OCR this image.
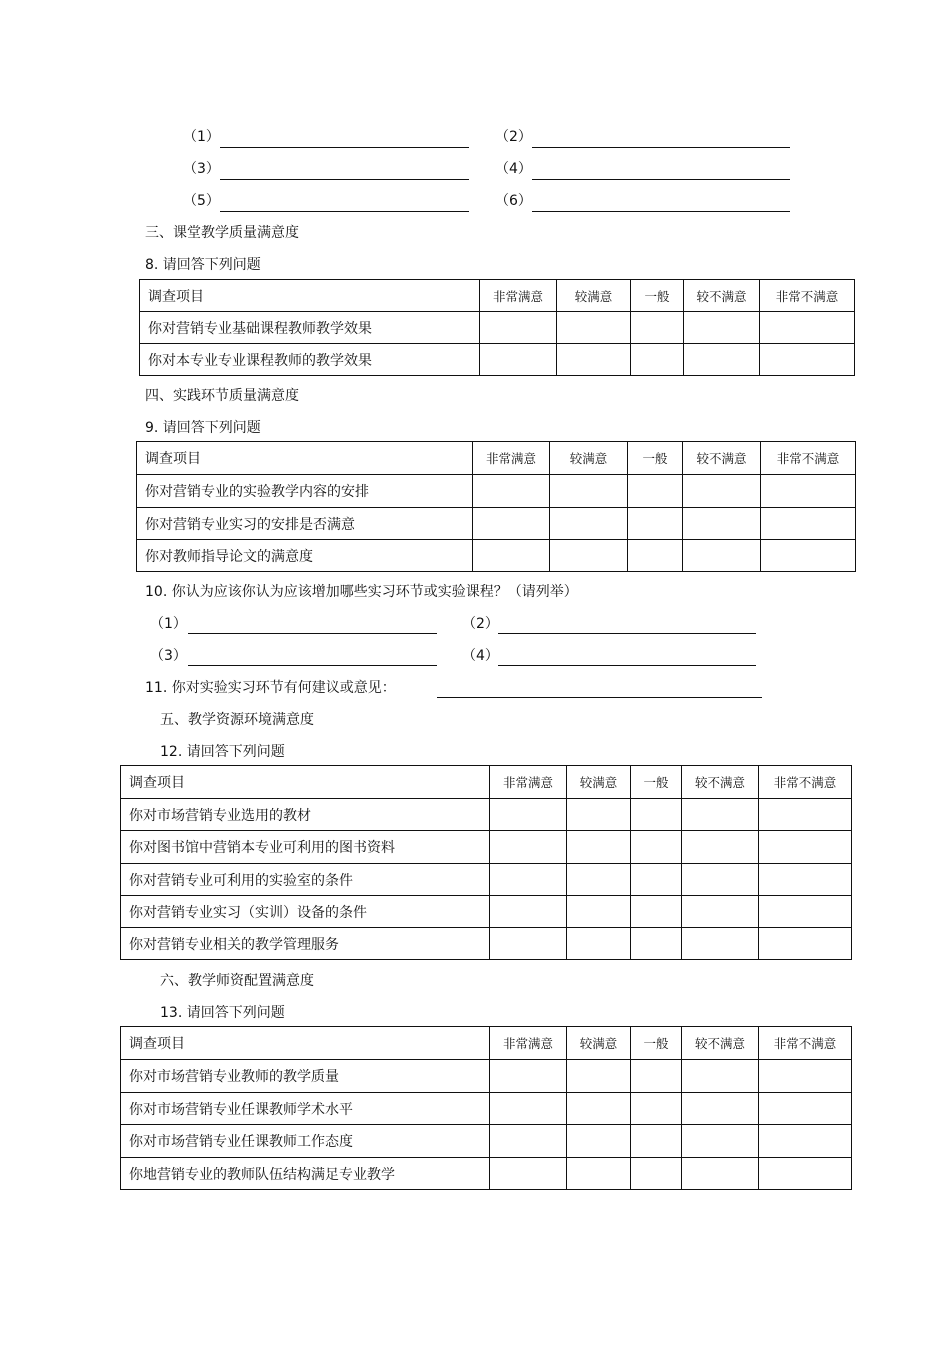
（1）	（2）
（3）	（4）
（5）	（6）
三、课堂教学质量满意度
8. 请回答下列问题
调查项目	非常满意	较满意	一般	较不满意	非常不满意
你对营销专业基础课程教师教学效果					
你对本专业专业课程教师的教学效果					
四、实践环节质量满意度
9. 请回答下列问题
调查项目	非常满意	较满意	一般	较不满意	非常不满意
你对营销专业的实验教学内容的安排					
你对营销专业实习的安排是否满意					
你对教师指导论文的满意度					
10. 你认为应该你认为应该增加哪些实习环节或实验课程？（请列举）
（1）	（2）
（3）	（4）
11. 你对实验实习环节有何建议或意见：
五、教学资源环境满意度
12. 请回答下列问题
调查项目	非常满意	较满意	一般	较不满意	非常不满意
你对市场营销专业选用的教材					
你对图书馆中营销本专业可利用的图书资料					
你对营销专业可利用的实验室的条件					
你对营销专业实习（实训）设备的条件					
你对营销专业相关的教学管理服务					
六、教学师资配置满意度
13. 请回答下列问题
调查项目	非常满意	较满意	一般	较不满意	非常不满意
你对市场营销专业教师的教学质量					
你对市场营销专业任课教师学术水平					
你对市场营销专业任课教师工作态度					
你地营销专业的教师队伍结构满足专业教学					
